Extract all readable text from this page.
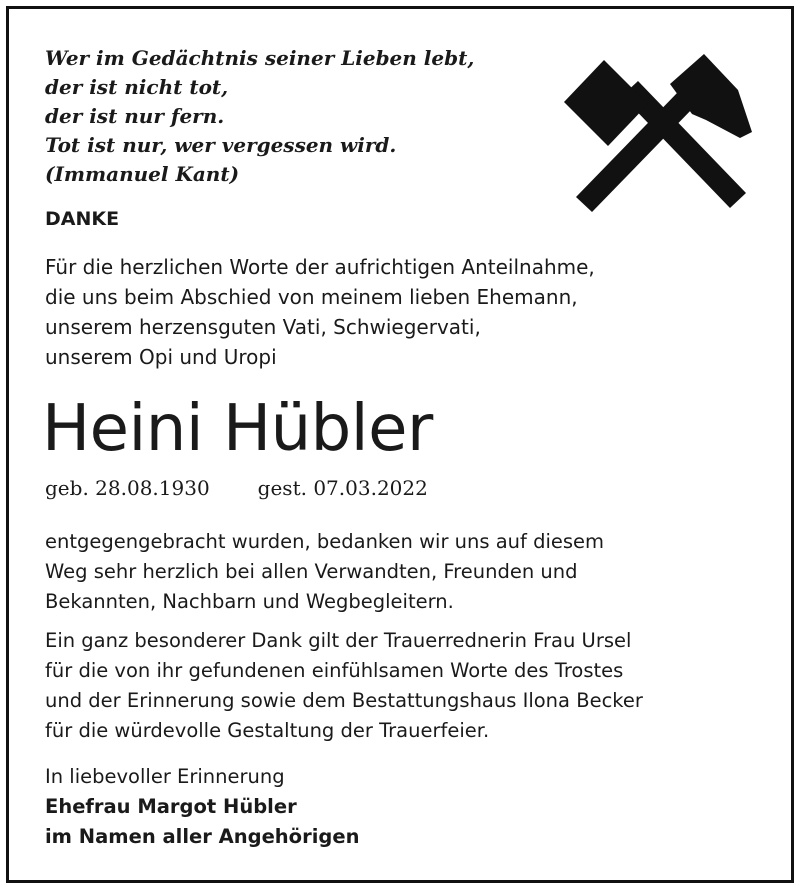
Wer im Gedächtnis seiner Lieben lebt,
der ist nicht tot,
der ist nur fern.
Tot ist nur, wer vergessen wird.
(Immanuel Kant)
DANKE
Für die herzlichen Worte der aufrichtigen Anteilnahme,
die uns beim Abschied von meinem lieben Ehemann,
unserem herzensguten Vati, Schwiegervati,
unserem Opi und Uropi
Heini Hübler
geb. 28.08.1930 gest. 07.03.2022
entgegengebracht wurden, bedanken wir uns auf diesem
Weg sehr herzlich bei allen Verwandten, Freunden und
Bekannten, Nachbarn und Wegbegleitern.
Ein ganz besonderer Dank gilt der Trauerrednerin Frau Ursel
für die von ihr gefundenen einfühlsamen Worte des Trostes
und der Erinnerung sowie dem Bestattungshaus Ilona Becker
für die würdevolle Gestaltung der Trauerfeier.
In liebevoller Erinnerung
Ehefrau Margot Hübler
im Namen aller Angehörigen
